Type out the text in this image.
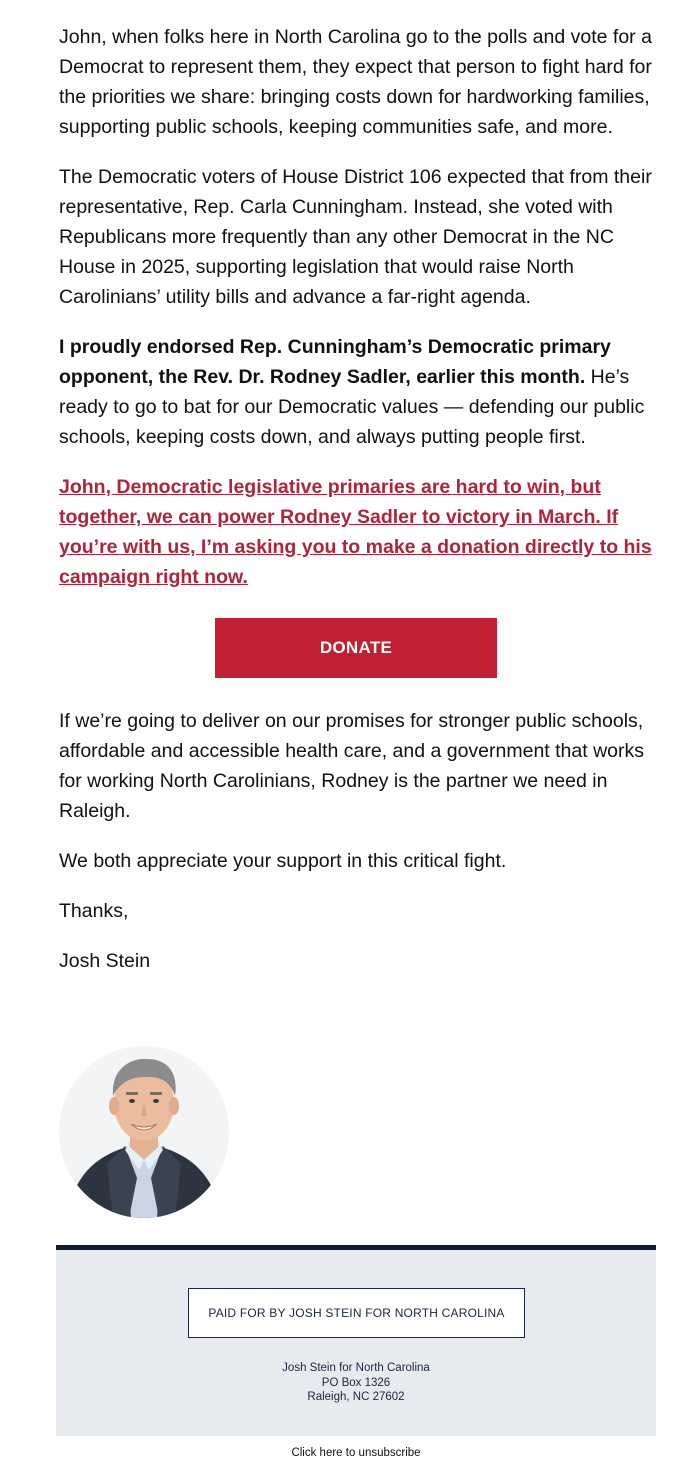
John, when folks here in North Carolina go to the polls and vote for a Democrat to represent them, they expect that person to fight hard for the priorities we share: bringing costs down for hardworking families, supporting public schools, keeping communities safe, and more.

The Democratic voters of House District 106 expected that from their representative, Rep. Carla Cunningham. Instead, she voted with Republicans more frequently than any other Democrat in the NC House in 2025, supporting legislation that would raise North Carolinians’ utility bills and advance a far-right agenda.

I proudly endorsed Rep. Cunningham’s Democratic primary opponent, the Rev. Dr. Rodney Sadler, earlier this month. He’s ready to go to bat for our Democratic values — defending our public schools, keeping costs down, and always putting people first.

John, Democratic legislative primaries are hard to win, but together, we can power Rodney Sadler to victory in March. If you’re with us, I’m asking you to make a donation directly to his campaign right now.

DONATE

If we’re going to deliver on our promises for stronger public schools, affordable and accessible health care, and a government that works for working North Carolinians, Rodney is the partner we need in Raleigh.

We both appreciate your support in this critical fight.

Thanks,

Josh Stein

PAID FOR BY JOSH STEIN FOR NORTH CAROLINA
Josh Stein for North Carolina
PO Box 1326
Raleigh, NC 27602
Click here to unsubscribe
